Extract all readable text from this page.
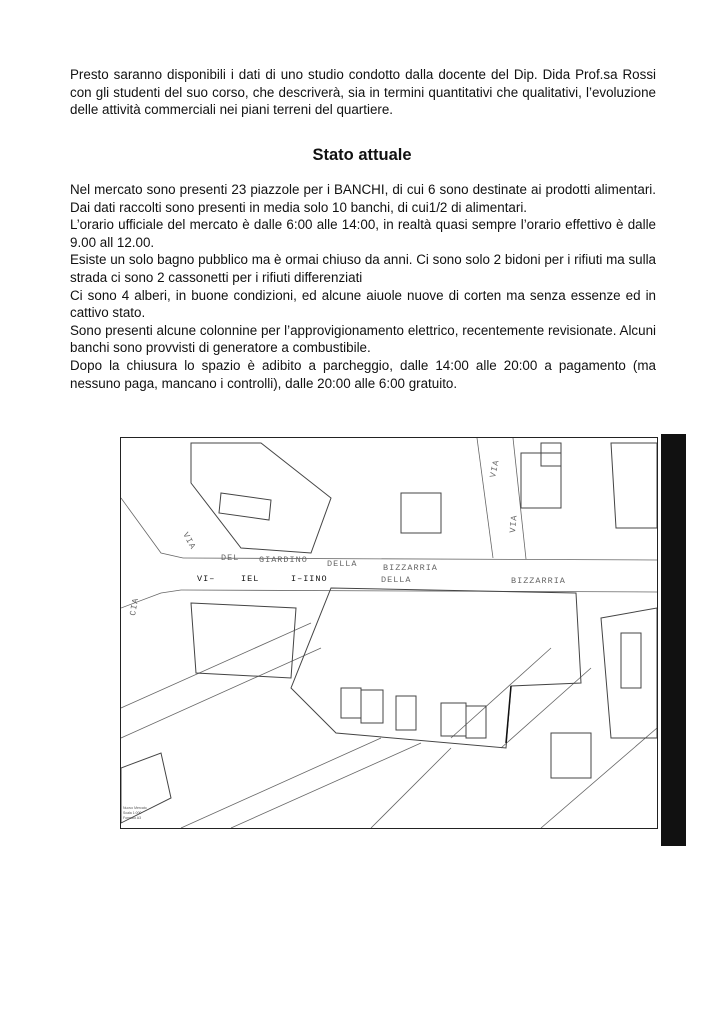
Presto saranno disponibili i dati di uno studio condotto dalla docente del Dip. Dida Prof.sa Rossi con gli studenti del suo corso, che descriverà, sia in termini quantitativi che qualitativi, l’evoluzione delle attività commerciali nei piani terreni del quartiere.

Stato attuale
Nel mercato sono presenti 23 piazzole per i BANCHI, di cui 6 sono destinate ai prodotti alimentari. Dai dati raccolti sono presenti in media solo 10 banchi, di cui1/2 di alimentari.
L’orario ufficiale del mercato è dalle 6:00 alle 14:00, in realtà quasi sempre l’orario effettivo è dalle 9.00 all 12.00.
Esiste un solo bagno pubblico ma è ormai chiuso da anni. Ci sono solo 2 bidoni per i rifiuti ma sulla strada ci sono 2 cassonetti per i rifiuti differenziati
Ci sono 4 alberi, in buone condizioni, ed alcune aiuole nuove di corten ma senza essenze ed in cattivo stato.
Sono presenti alcune colonnine per l’approvigionamento elettrico, recentemente revisionate. Alcuni banchi sono provvisti di generatore a combustibile.
Dopo la chiusura lo spazio è adibito a parcheggio, dalle 14:00 alle 20:00 a pagamento (ma nessuno paga, mancano i controlli), dalle 20:00 alle 6:00 gratuito.
VIA
DEL GIARDINO DELLA	BIZZARRIA
VI–	IEL	I–IINO	DELLA	BIZZARRIA
VIA
VIA
CIA
Nuovo Mercato
Scala 1:000
Formato A3
